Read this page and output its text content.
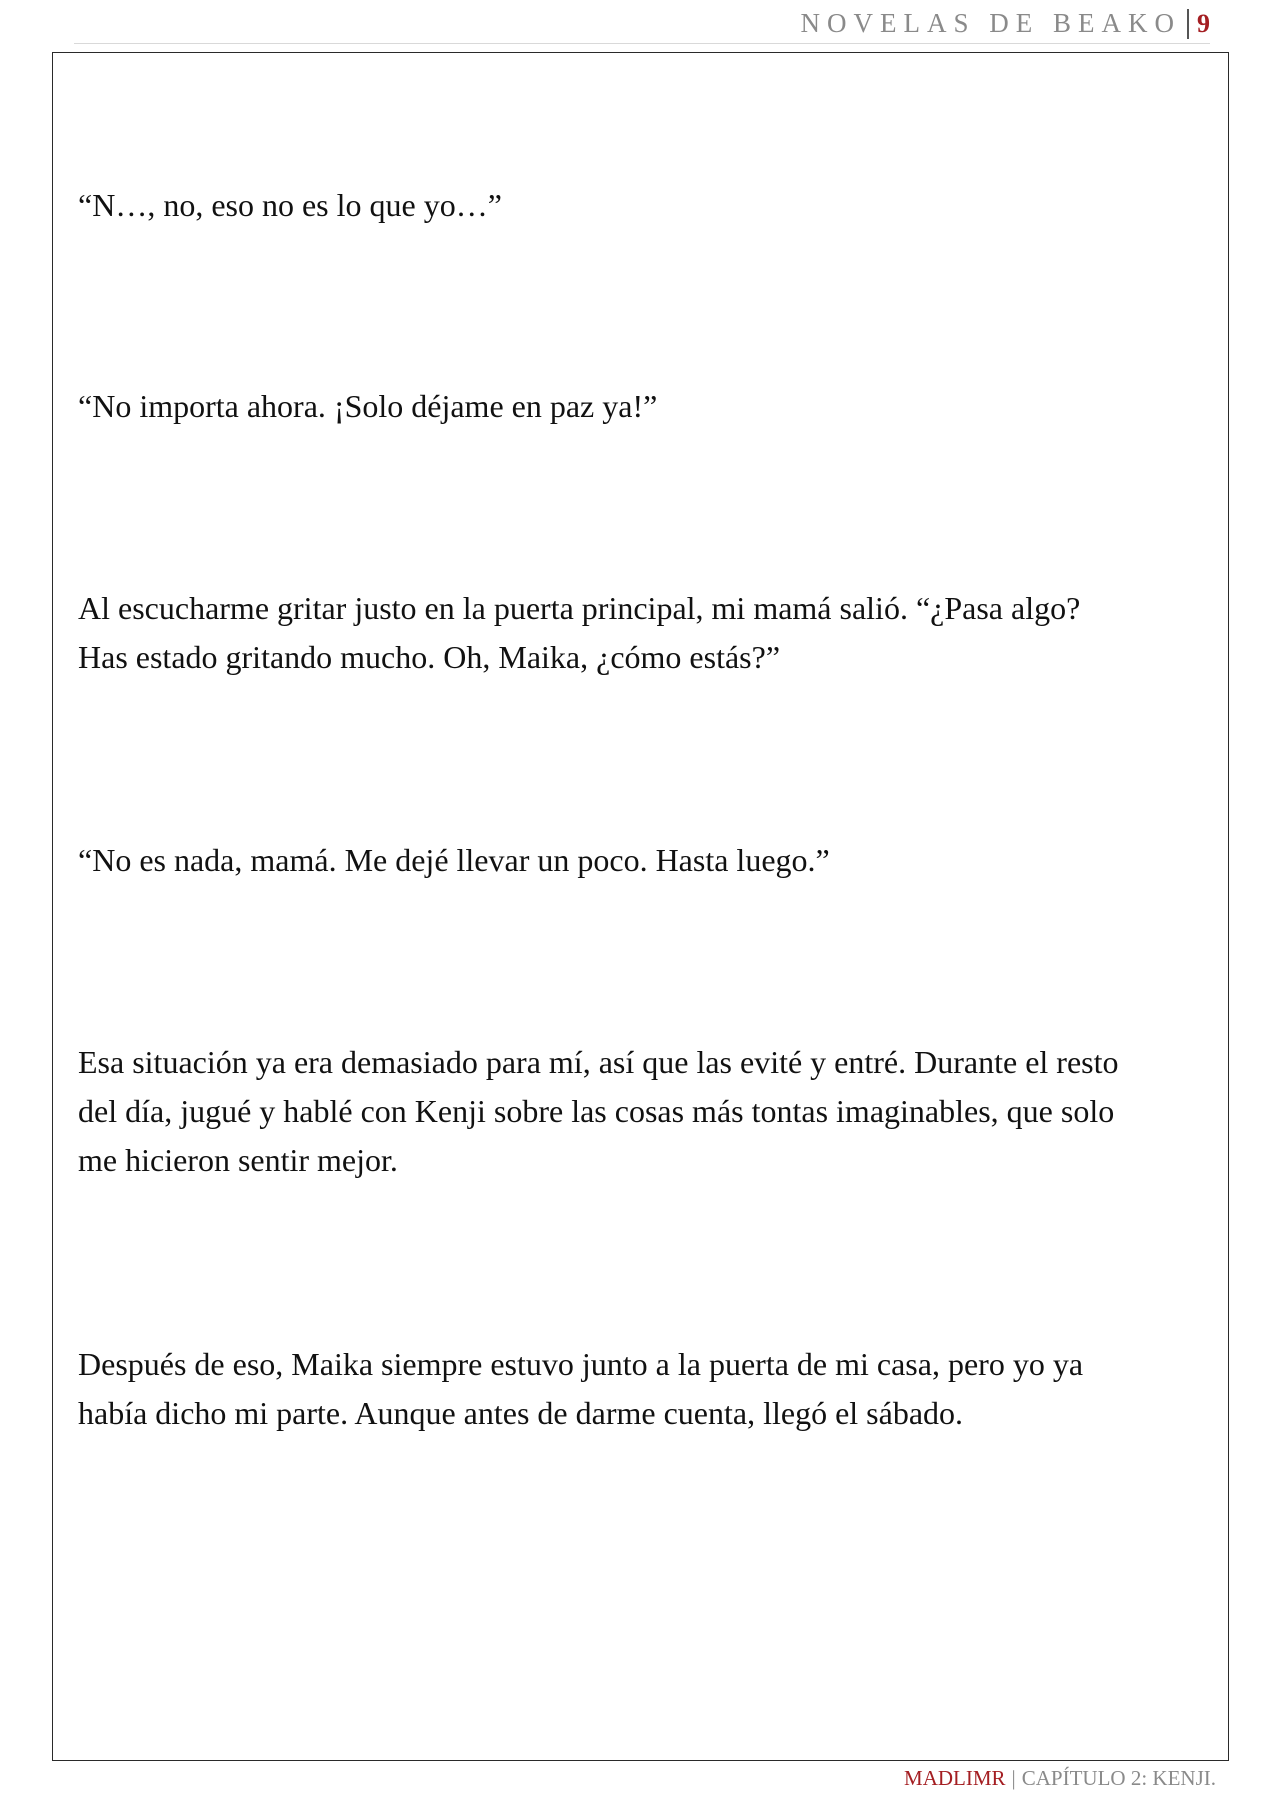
NOVELAS DE BEAKO 9

“N…, no, eso no es lo que yo…”

“No importa ahora. ¡Solo déjame en paz ya!”

Al escucharme gritar justo en la puerta principal, mi mamá salió. “¿Pasa algo?
Has estado gritando mucho. Oh, Maika, ¿cómo estás?”

“No es nada, mamá. Me dejé llevar un poco. Hasta luego.”

Esa situación ya era demasiado para mí, así que las evité y entré. Durante el resto
del día, jugué y hablé con Kenji sobre las cosas más tontas imaginables, que solo
me hicieron sentir mejor.

Después de eso, Maika siempre estuvo junto a la puerta de mi casa, pero yo ya
había dicho mi parte. Aunque antes de darme cuenta, llegó el sábado.

MADLIMR | CAPÍTULO 2: KENJI.
